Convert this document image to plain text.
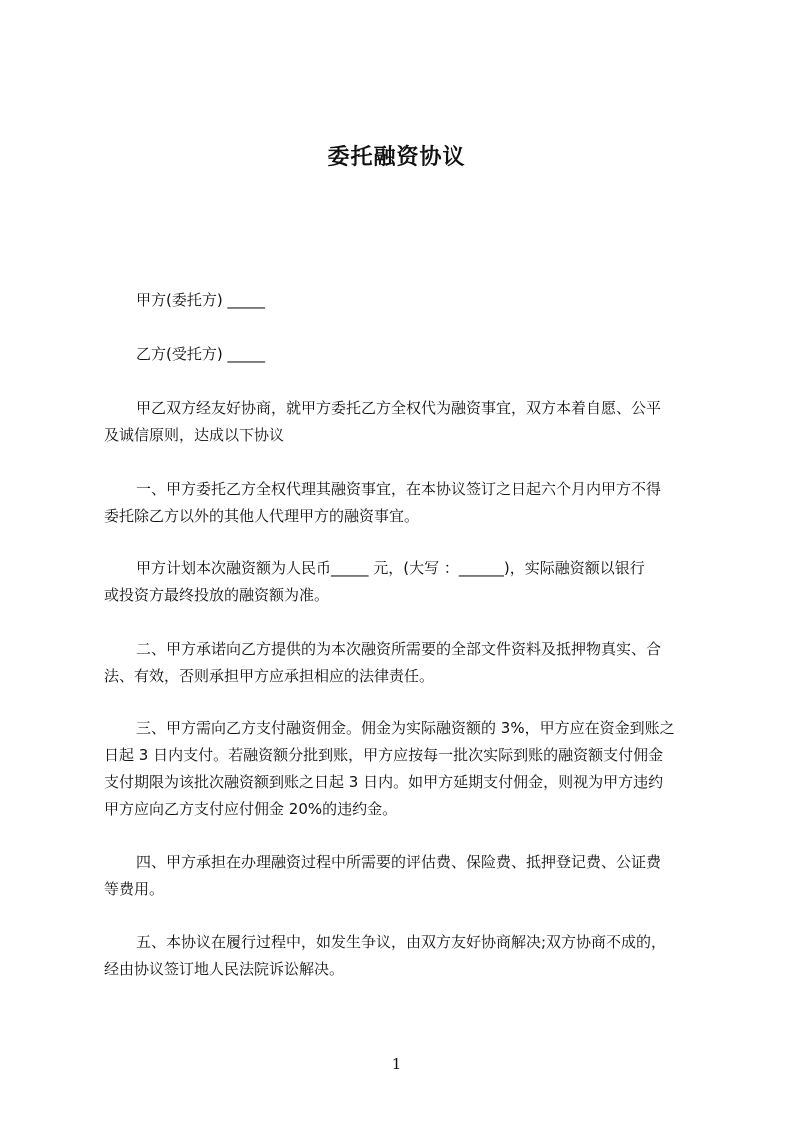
委托融资协议

甲方(委托方) _____

乙方(受托方) _____

甲乙双方经友好协商，就甲方委托乙方全权代为融资事宜，双方本着自愿、公平

及诚信原则，达成以下协议

一、甲方委托乙方全权代理其融资事宜，在本协议签订之日起六个月内甲方不得

委托除乙方以外的其他人代理甲方的融资事宜。

甲方计划本次融资额为人民币_____ 元，(大写 ：______)，实际融资额以银行

或投资方最终投放的融资额为准。

二、甲方承诺向乙方提供的为本次融资所需要的全部文件资料及抵押物真实、合

法、有效，否则承担甲方应承担相应的法律责任。

三、甲方需向乙方支付融资佣金。佣金为实际融资额的 3%，甲方应在资金到账之

日起 3 日内支付。若融资额分批到账，甲方应按每一批次实际到账的融资额支付佣金

支付期限为该批次融资额到账之日起 3 日内。如甲方延期支付佣金，则视为甲方违约

甲方应向乙方支付应付佣金 20%的违约金。

四、甲方承担在办理融资过程中所需要的评估费、保险费、抵押登记费、公证费

等费用。

五、本协议在履行过程中，如发生争议，由双方友好协商解决;双方协商不成的，

经由协议签订地人民法院诉讼解决。

1
